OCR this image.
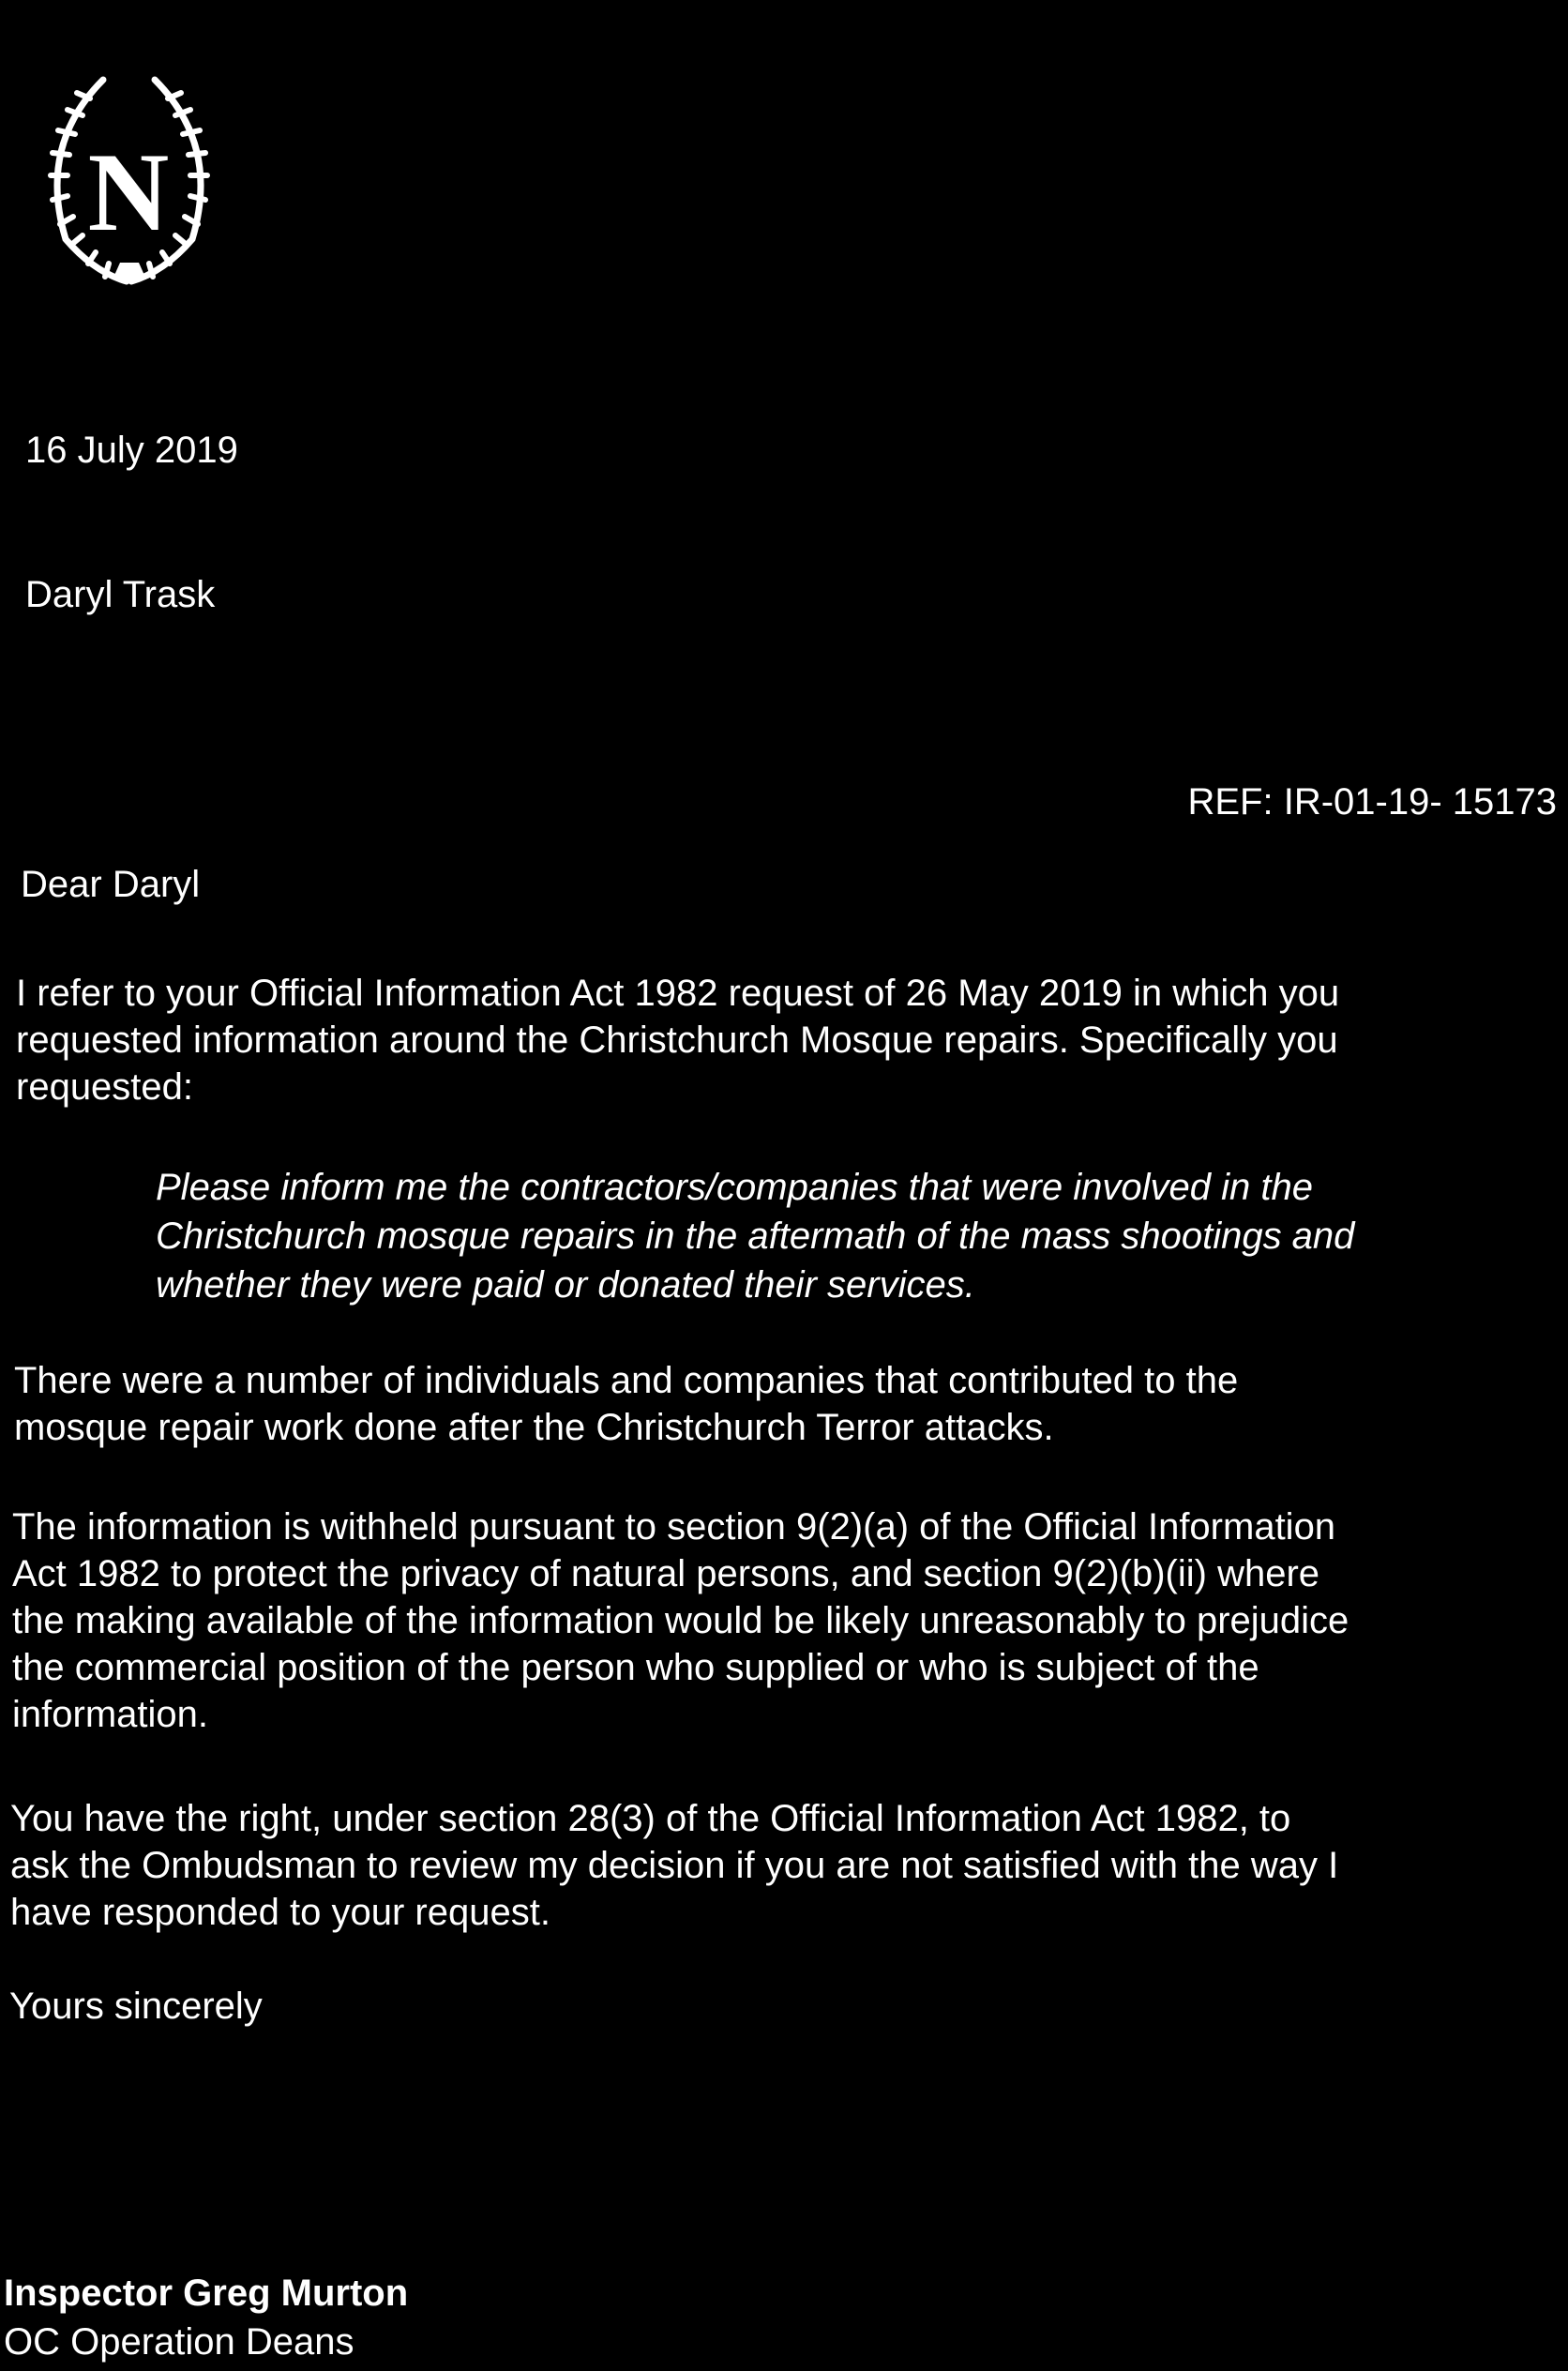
N
16 July 2019
Daryl Trask
REF: IR-01-19- 15173
Dear Daryl
I refer to your Official Information Act 1982 request of 26 May 2019 in which you
requested information around the Christchurch Mosque repairs. Specifically you
requested:
Please inform me the contractors/companies that were involved in the
Christchurch mosque repairs in the aftermath of the mass shootings and
whether they were paid or donated their services.
There were a number of individuals and companies that contributed to the
mosque repair work done after the Christchurch Terror attacks.
The information is withheld pursuant to section 9(2)(a) of the Official Information
Act 1982 to protect the privacy of natural persons, and section 9(2)(b)(ii) where
the making available of the information would be likely unreasonably to prejudice
the commercial position of the person who supplied or who is subject of the
information.
You have the right, under section 28(3) of the Official Information Act 1982, to
ask the Ombudsman to review my decision if you are not satisfied with the way I
have responded to your request.
Yours sincerely
Inspector Greg Murton
OC Operation Deans
